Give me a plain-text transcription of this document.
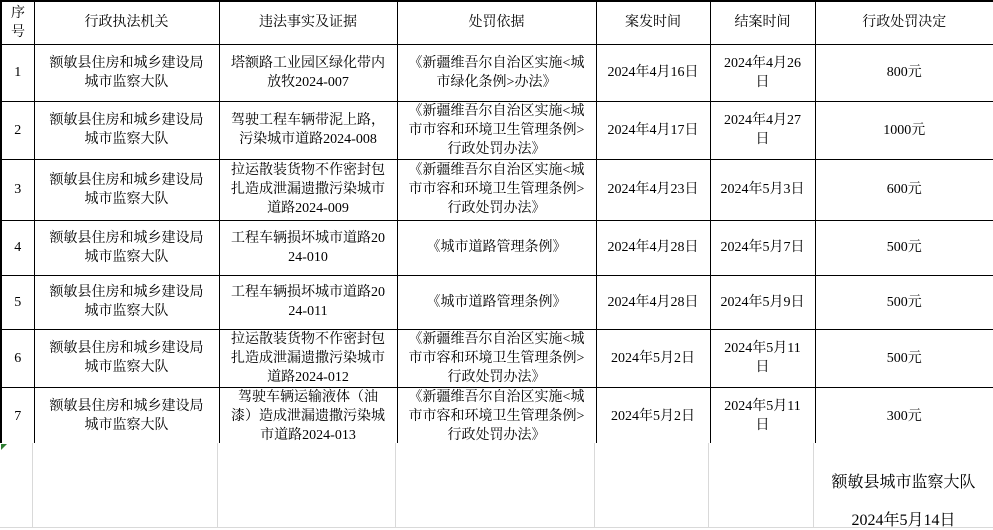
序号	行政执法机关	违法事实及证据	处罚依据	案发时间	结案时间	行政处罚决定
1	额敏县住房和城乡建设局城市监察大队	塔额路工业园区绿化带内放牧2024-007	《新疆维吾尔自治区实施<城市绿化条例>办法》	2024年4月16日	2024年4月26日	800元
2	额敏县住房和城乡建设局城市监察大队	驾驶工程车辆带泥上路，污染城市道路2024-008	《新疆维吾尔自治区实施<城市市容和环境卫生管理条例>行政处罚办法》	2024年4月17日	2024年4月27日	1000元
3	额敏县住房和城乡建设局城市监察大队	拉运散装货物不作密封包扎造成泄漏遗撒污染城市道路2024-009	《新疆维吾尔自治区实施<城市市容和环境卫生管理条例>行政处罚办法》	2024年4月23日	2024年5月3日	600元
4	额敏县住房和城乡建设局城市监察大队	工程车辆损坏城市道路2024-010	《城市道路管理条例》	2024年4月28日	2024年5月7日	500元
5	额敏县住房和城乡建设局城市监察大队	工程车辆损坏城市道路2024-011	《城市道路管理条例》	2024年4月28日	2024年5月9日	500元
6	额敏县住房和城乡建设局城市监察大队	拉运散装货物不作密封包扎造成泄漏遗撒污染城市道路2024-012	《新疆维吾尔自治区实施<城市市容和环境卫生管理条例>行政处罚办法》	2024年5月2日	2024年5月11日	500元
7	额敏县住房和城乡建设局城市监察大队	驾驶车辆运输液体（油漆）造成泄漏遗撒污染城市道路2024-013	《新疆维吾尔自治区实施<城市市容和环境卫生管理条例>行政处罚办法》	2024年5月2日	2024年5月11日	300元
额敏县城市监察大队
2024年5月14日
